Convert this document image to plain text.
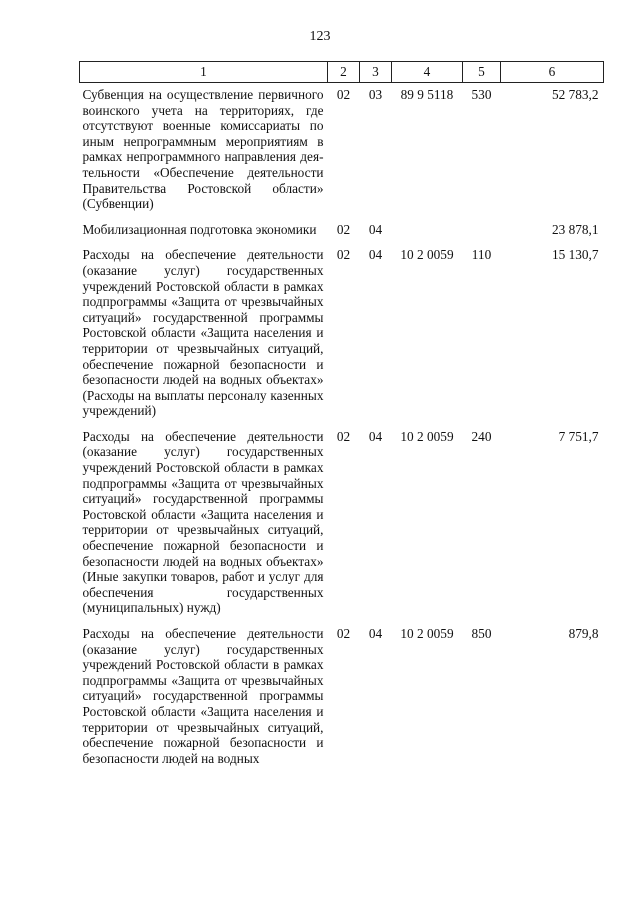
123
1	2	3	4	5	6
Субвенция на осуществление первичного воинского учета на территориях, где отсутствуют военные комиссариаты по иным непрограммным мероприятиям в рамках непрограммного направления деятельности «Обеспечение деятельности Правительства Ростовской области» (Субвенции)	02	03	89 9 5118	530	52 783,2
Мобилизационная подготовка экономики	02	04			23 878,1
Расходы на обеспечение деятельности (оказание услуг) государственных учреждений Ростовской области в рамках подпрограммы «Защита от чрезвычайных ситуаций» государственной программы Ростовской области «Защита населения и территории от чрезвычайных ситуаций, обеспечение пожарной безопасности и безопасности людей на водных объектах» (Расходы на выплаты персоналу казенных учреждений)	02	04	10 2 0059	110	15 130,7
Расходы на обеспечение деятельности (оказание услуг) государственных учреждений Ростовской области в рамках подпрограммы «Защита от чрезвычайных ситуаций» государственной программы Ростовской области «Защита населения и территории от чрезвычайных ситуаций, обеспечение пожарной безопасности и безопасности людей на водных объектах» (Иные закупки товаров, работ и услуг для обеспечения государственных (муниципальных) нужд)	02	04	10 2 0059	240	7 751,7
Расходы на обеспечение деятельности (оказание услуг) государственных учреждений Ростовской области в рамках подпрограммы «Защита от чрезвычайных ситуаций» государственной программы Ростовской области «Защита населения и территории от чрезвычайных ситуаций, обеспечение пожарной безопасности и безопасности людей на водных	02	04	10 2 0059	850	879,8
